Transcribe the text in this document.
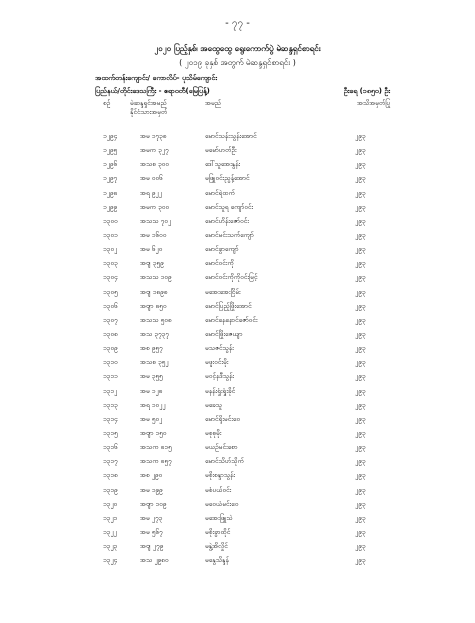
- ၇၇ -
၂၀၂၀ ပြည့်နှစ်၊ အထွေထွေ ရွေးကောက်ပွဲ မဲဆန္ဒရှင်စာရင်း
( ၂၀၁၉ ခုနှစ် အတွက် မဲဆန္ဒရှင်စာရင်း )
အထက်တန်းကျောင်း/ ကောလိပ်- ပုသိမ်ကျောင်း
ပြည်နယ်/တိုင်းဒေသကြီး - ဧရာဝတီ(မြေပြန့်)	ဦးရေ (၁၈၅၀) ဦး
စဉ်	မဲဆန္ဒရှင်အမည်	အမည်	အသိအမှတ်ပြု
နိုင်ငံသားအမှတ်
၁၂၉၄	အမ ၁၇၃၈	မောင်သန်းသွန်းအောင်	၂၉၃
၁၂၉၅	အမက ၃၂၇	မမော်ဟတ်ဦး	၂၉၃
၁၂၉၆	အသစ ၃၀၀	ဒေါ်သူအေးနွန်း	၂၉၃
၁၂၉၇	အမ ၀၀၆	မဖြူဝင်းညွန့်အောင်	၂၉၃
၁၂၉၈	အရ ၉၂၂	မောင်ရဲထက်	၂၉၃
၁၂၉၉	အမက ၃၀၀	မောင်သူရ ကျော်ဝင်း	၂၉၃
၁၃၀၀	အသသ ၇၀၂	မောင်ဟိန်းဇော်ဝင်း	၂၉၃
၁၃၀၁	အမ ၁၆၀၀	မောင်မင်းသက်ကျော်	၂၉၃
၁၃၀၂	အမ ၆၂၀	မောင်ခွာကျော်	၂၉၃
၁၃၀၃	အဗျ ၃၅၉	မောင်ဝင်းကို	၂၉၃
၁၃၀၄	အသသ ၁၀၉	မောင်ဝင်းကိုကိုဝင်းမြင့်	၂၉၃
၁၃၀၅	အဗျ ၁၈၉၈	မအေးအေးငြိမ်း	၂၉၃
၁၃၀၆	အဗျာ ၈၅၀	မောင်ပြည့်ဖြိုးအောင်	၂၉၃
၁၃၀၇	အသသ ၅၀၈	မောင်နေနောင်ဇော်ဝင်း	၂၉၃
၁၃၀၈	အသ ၃၇၃၇	မောင်ဖြိုးဇေယျာ	၂၉၃
၁၃၀၉	အစ ၉၅၇	မသဇင်သွန်း	၂၉၃
၁၃၁၀	အသစ ၃၅၂	မဖူးဝင်းမိုး	၂၉၃
၁၃၁၁	အမ ၃၅၅	မဝင့်နဒီသွန်း	၂၉၃
၁၃၁၂	အမ ၁၂၈	မနန်းရှုံးရှုံးခိုင်	၂၉၃
၁၃၁၃	အရ ၁၀၂၂	မခေသူ	၂၉၃
၁၃၁၄	အမ ၅၀၂	မောင်ရိုးမင်းဝေ	၂၉၃
၁၃၁၅	အဗျာ ၁၅၀	မစုစုမိုး	၂၉၃
၁၃၁၆	အသက ၈၁၅	မယဉ်မင်းစော	၂၉၃
၁၃၁၇	အသက ၈၅၇	မောင်သိဟ်သိုက်	၂၉၃
၁၃၁၈	အစ ၂၉၀	မစိုးစန္ဒာသွန်း	၂၉၃
၁၃၁၉	အမ ၁၉၉	မစံပယ်ဝင်း	၂၉၃
၁၃၂၀	အဗျာ ၁၀၉	မဝေယံမင်းဝေ	၂၉၃
၁၃၂၁	အမ ၂၇၃	မအေးဖြူသဲ	၂၉၃
၁၃၂၂	အမ ၅၆၇	မစိုးခွာထိုင်	၂၉၃
၁၃၂၃	အဗျ ၂၇၉	မနွဲ့အိလှိုင်	၂၉၃
၁၃၂၄	အသ ၂၉၈၀	မနွေသိန္ဒန်	၂၉၃
